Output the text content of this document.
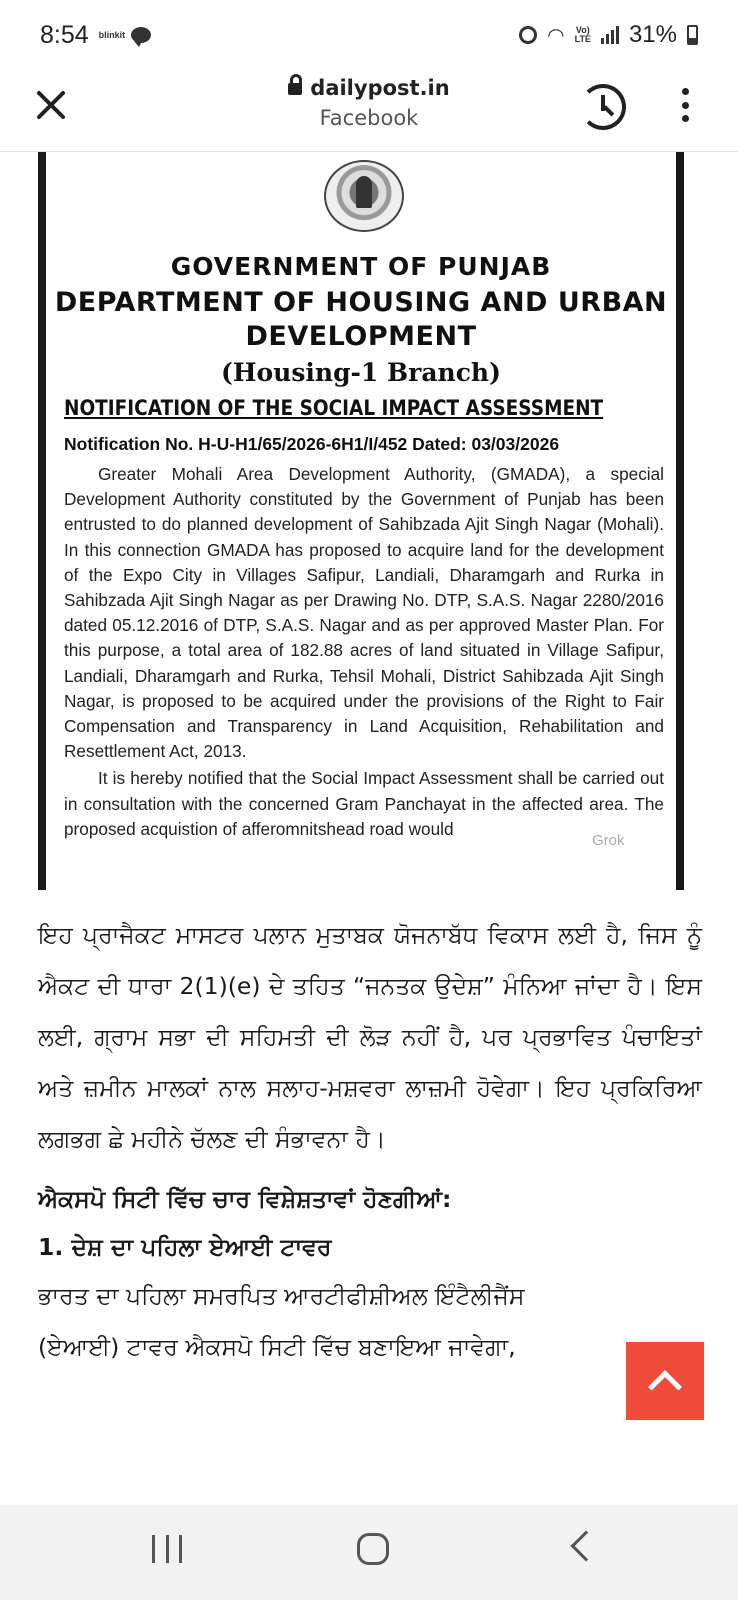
8:54 blinkit	◠ Vo)
LTE 31%
dailypost.in
Facebook
GOVERNMENT OF PUNJAB
DEPARTMENT OF HOUSING AND URBAN DEVELOPMENT
(Housing-1 Branch)
NOTIFICATION OF THE SOCIAL IMPACT ASSESSMENT
Notification No. H-U-H1/65/2026-6H1/I/452 Dated: 03/03/2026

Greater Mohali Area Development Authority, (GMADA), a special Development Authority constituted by the Government of Punjab has been entrusted to do planned development of Sahibzada Ajit Singh Nagar (Mohali). In this connection GMADA has proposed to acquire land for the development of the Expo City in Villages Safipur, Landiali, Dharamgarh and Rurka in Sahibzada Ajit Singh Nagar as per Drawing No. DTP, S.A.S. Nagar 2280/2016 dated 05.12.2016 of DTP, S.A.S. Nagar and as per approved Master Plan. For this purpose, a total area of 182.88 acres of land situated in Village Safipur, Landiali, Dharamgarh and Rurka, Tehsil Mohali, District Sahibzada Ajit Singh Nagar, is proposed to be acquired under the provisions of the Right to Fair Compensation and Transparency in Land Acquisition, Rehabilitation and Resettlement Act, 2013.

It is hereby notified that the Social Impact Assessment shall be carried out in consultation with the concerned Gram Panchayat in the affected area. The proposed acquistion of afferomnitshead road would

Grok

ਇਹ ਪ੍ਰਾਜੈਕਟ ਮਾਸਟਰ ਪਲਾਨ ਮੁਤਾਬਕ ਯੋਜਨਾਬੱਧ ਵਿਕਾਸ ਲਈ ਹੈ, ਜਿਸ ਨੂੰ ਐਕਟ ਦੀ ਧਾਰਾ 2(1)(e) ਦੇ ਤਹਿਤ “ਜਨਤਕ ਉਦੇਸ਼” ਮੰਨਿਆ ਜਾਂਦਾ ਹੈ। ਇਸ ਲਈ, ਗ੍ਰਾਮ ਸਭਾ ਦੀ ਸਹਿਮਤੀ ਦੀ ਲੋੜ ਨਹੀਂ ਹੈ, ਪਰ ਪ੍ਰਭਾਵਿਤ ਪੰਚਾਇਤਾਂ ਅਤੇ ਜ਼ਮੀਨ ਮਾਲਕਾਂ ਨਾਲ ਸਲਾਹ-ਮਸ਼ਵਰਾ ਲਾਜ਼ਮੀ ਹੋਵੇਗਾ। ਇਹ ਪ੍ਰਕਿਰਿਆ ਲਗਭਗ ਛੇ ਮਹੀਨੇ ਚੱਲਣ ਦੀ ਸੰਭਾਵਨਾ ਹੈ।

ਐਕਸਪੋ ਸਿਟੀ ਵਿੱਚ ਚਾਰ ਵਿਸ਼ੇਸ਼ਤਾਵਾਂ ਹੋਣਗੀਆਂ:
1. ਦੇਸ਼ ਦਾ ਪਹਿਲਾ ਏਆਈ ਟਾਵਰ
ਭਾਰਤ ਦਾ ਪਹਿਲਾ ਸਮਰਪਿਤ ਆਰਟੀਫੀਸ਼ੀਅਲ ਇੰਟੈਲੀਜੈਂਸ
(ਏਆਈ) ਟਾਵਰ ਐਕਸਪੋ ਸਿਟੀ ਵਿੱਚ ਬਣਾਇਆ ਜਾਵੇਗਾ,
